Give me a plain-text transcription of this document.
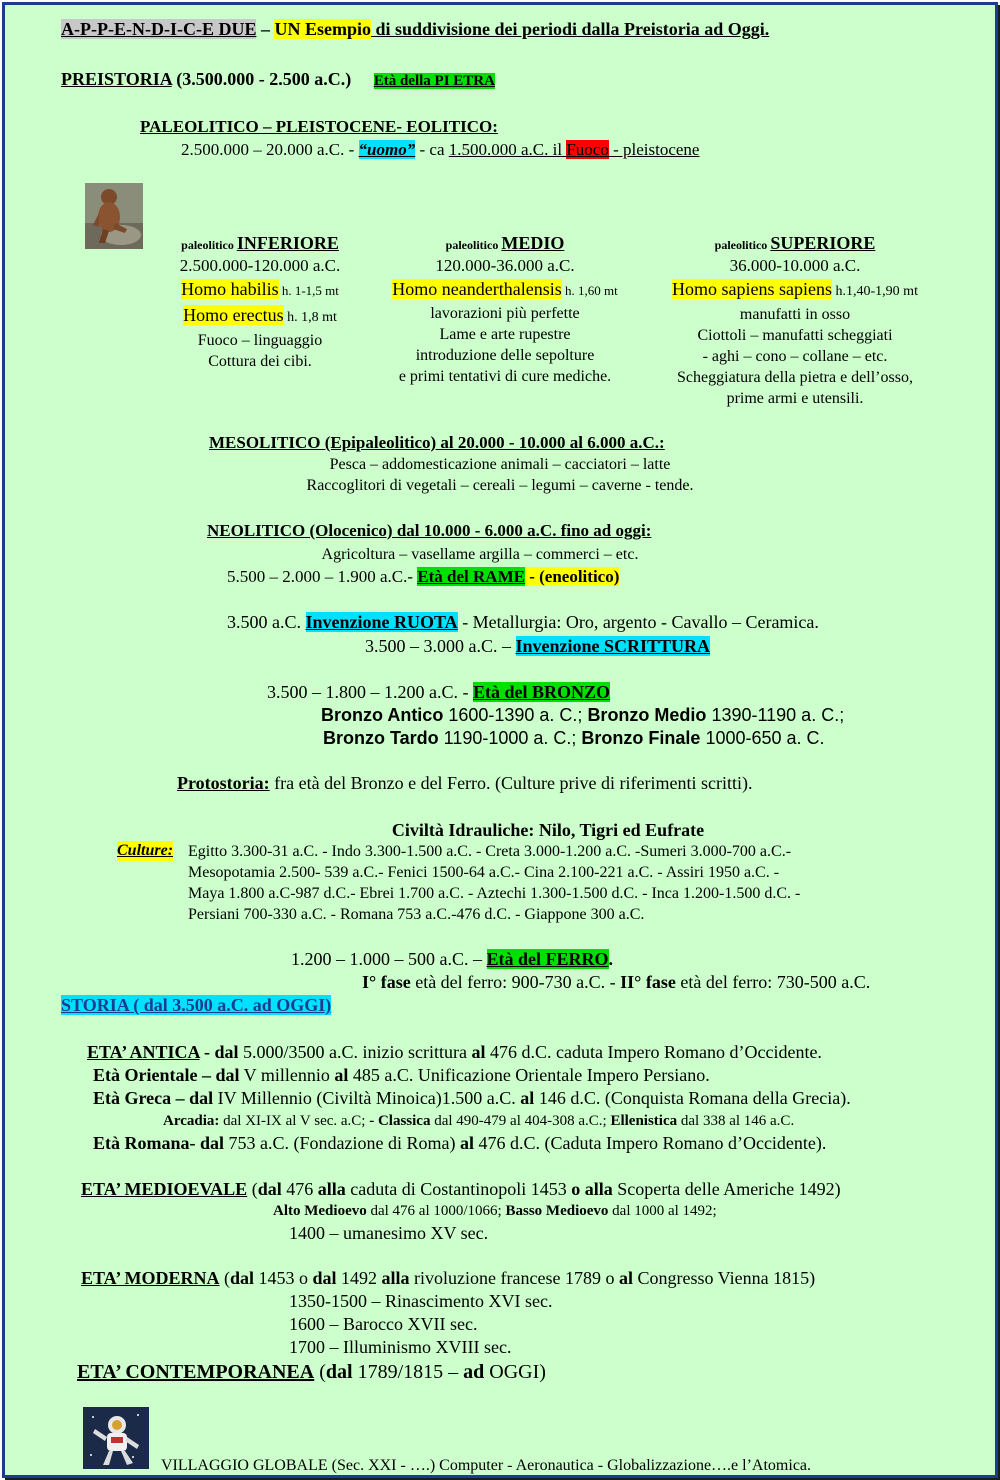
A-P-P-E-N-D-I-C-E DUE – UN Esempio di suddivisione dei periodi dalla Preistoria ad Oggi.
PREISTORIA (3.500.000 - 2.500 a.C.) Età della PI ETRA
PALEOLITICO – PLEISTOCENE- EOLITICO:
2.500.000 – 20.000 a.C. - “uomo” - ca 1.500.000 a.C. il Fuoco - pleistocene
paleolitico INFERIORE
2.500.000-120.000 a.C.
Homo habilis h. 1-1,5 mt
Homo erectus h. 1,8 mt
Fuoco – linguaggio
Cottura dei cibi.
paleolitico MEDIO
120.000-36.000 a.C.
Homo neanderthalensis h. 1,60 mt
lavorazioni più perfette
Lame e arte rupestre
introduzione delle sepolture
e primi tentativi di cure mediche.
paleolitico SUPERIORE
36.000-10.000 a.C.
Homo sapiens sapiens h.1,40-1,90 mt
manufatti in osso
Ciottoli – manufatti scheggiati
- aghi – cono – collane – etc.
Scheggiatura della pietra e dell’osso,
prime armi e utensili.
MESOLITICO (Epipaleolitico) al 20.000 - 10.000 al 6.000 a.C.:
Pesca – addomesticazione animali – cacciatori – latte
Raccoglitori di vegetali – cereali – legumi – caverne - tende.
NEOLITICO (Olocenico) dal 10.000 - 6.000 a.C. fino ad oggi:
Agricoltura – vasellame argilla – commerci – etc.
5.500 – 2.000 – 1.900 a.C.- Età del RAME - (eneolitico)
3.500 a.C. Invenzione RUOTA - Metallurgia: Oro, argento - Cavallo – Ceramica.
3.500 – 3.000 a.C. – Invenzione SCRITTURA
3.500 – 1.800 – 1.200 a.C. - Età del BRONZO
Bronzo Antico 1600-1390 a. C.; Bronzo Medio 1390-1190 a. C.;
Bronzo Tardo 1190-1000 a. C.; Bronzo Finale 1000-650 a. C.
Protostoria: fra età del Bronzo e del Ferro. (Culture prive di riferimenti scritti).
Civiltà Idrauliche: Nilo, Tigri ed Eufrate
Culture: Egitto 3.300-31 a.C. - Indo 3.300-1.500 a.C. - Creta 3.000-1.200 a.C. -Sumeri 3.000-700 a.C.-
Mesopotamia 2.500- 539 a.C.- Fenici 1500-64 a.C.- Cina 2.100-221 a.C. - Assiri 1950 a.C. -
Maya 1.800 a.C-987 d.C.- Ebrei 1.700 a.C. - Aztechi 1.300-1.500 d.C. - Inca 1.200-1.500 d.C. -
Persiani 700-330 a.C. - Romana 753 a.C.-476 d.C. - Giappone 300 a.C.
1.200 – 1.000 – 500 a.C. – Età del FERRO.
I° fase età del ferro: 900-730 a.C. - II° fase età del ferro: 730-500 a.C.
STORIA ( dal 3.500 a.C. ad OGGI)
ETA’ ANTICA - dal 5.000/3500 a.C. inizio scrittura al 476 d.C. caduta Impero Romano d’Occidente.
Età Orientale – dal V millennio al 485 a.C. Unificazione Orientale Impero Persiano.
Età Greca – dal IV Millennio (Civiltà Minoica)1.500 a.C. al 146 d.C. (Conquista Romana della Grecia).
Arcadia: dal XI-IX al V sec. a.C; - Classica dal 490-479 al 404-308 a.C.; Ellenistica dal 338 al 146 a.C.
Età Romana- dal 753 a.C. (Fondazione di Roma) al 476 d.C. (Caduta Impero Romano d’Occidente).
ETA’ MEDIOEVALE (dal 476 alla caduta di Costantinopoli 1453 o alla Scoperta delle Americhe 1492)
Alto Medioevo dal 476 al 1000/1066; Basso Medioevo dal 1000 al 1492;
1400 – umanesimo XV sec.
ETA’ MODERNA (dal 1453 o dal 1492 alla rivoluzione francese 1789 o al Congresso Vienna 1815)
1350-1500 – Rinascimento XVI sec.
1600 – Barocco XVII sec.
1700 – Illuminismo XVIII sec.
ETA’ CONTEMPORANEA (dal 1789/1815 – ad OGGI)
VILLAGGIO GLOBALE (Sec. XXI - ….) Computer - Aeronautica - Globalizzazione….e l’Atomica.
